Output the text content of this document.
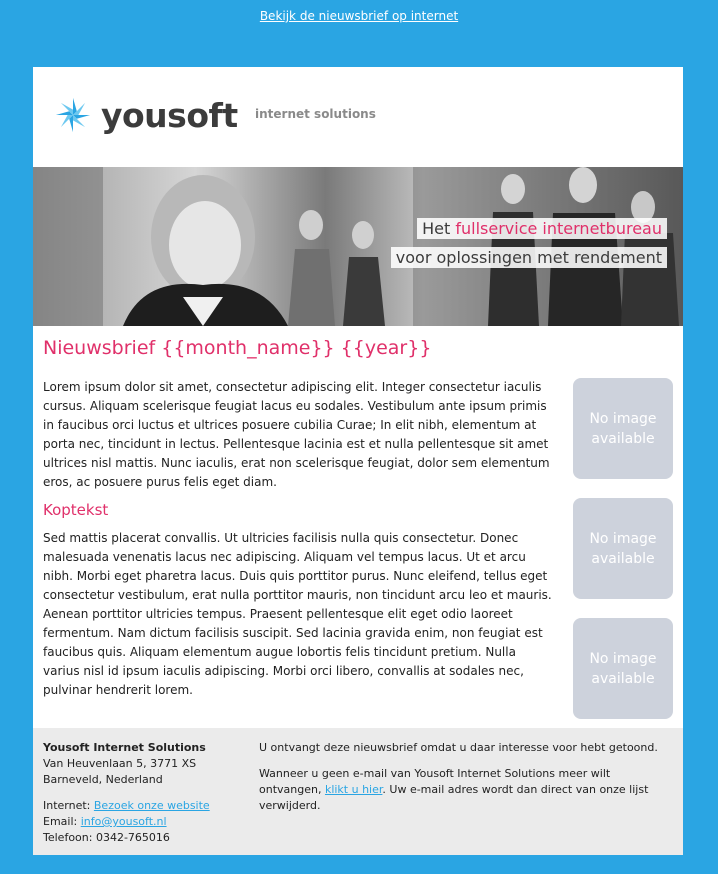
Bekijk de nieuwsbrief op internet
yousoft internet solutions
Het fullservice internetbureau
voor oplossingen met rendement
Nieuwsbrief {{month_name}} {{year}}
Lorem ipsum dolor sit amet, consectetur adipiscing elit. Integer consectetur iaculis cursus. Aliquam scelerisque feugiat lacus eu sodales. Vestibulum ante ipsum primis in faucibus orci luctus et ultrices posuere cubilia Curae; In elit nibh, elementum at porta nec, tincidunt in lectus. Pellentesque lacinia est et nulla pellentesque sit amet ultrices nisl mattis. Nunc iaculis, erat non scelerisque feugiat, dolor sem elementum eros, ac posuere purus felis eget diam.
Koptekst
Sed mattis placerat convallis. Ut ultricies facilisis nulla quis consectetur. Donec malesuada venenatis lacus nec adipiscing. Aliquam vel tempus lacus. Ut et arcu nibh. Morbi eget pharetra lacus. Duis quis porttitor purus. Nunc eleifend, tellus eget consectetur vestibulum, erat nulla porttitor mauris, non tincidunt arcu leo et mauris. Aenean porttitor ultricies tempus. Praesent pellentesque elit eget odio laoreet fermentum. Nam dictum facilisis suscipit. Sed lacinia gravida enim, non feugiat est faucibus quis. Aliquam elementum augue lobortis felis tincidunt pretium. Nulla varius nisl id ipsum iaculis adipiscing. Morbi orci libero, convallis at sodales nec, pulvinar hendrerit lorem.
No image
available
No image
available
No image
available
Yousoft Internet Solutions
Van Heuvenlaan 5, 3771 XS
Barneveld, Nederland
Internet: Bezoek onze website
Email: info@yousoft.nl
Telefoon: 0342-765016
U ontvangt deze nieuwsbrief omdat u daar interesse voor hebt getoond.
Wanneer u geen e-mail van Yousoft Internet Solutions meer wilt ontvangen, klikt u hier. Uw e-mail adres wordt dan direct van onze lijst verwijderd.
